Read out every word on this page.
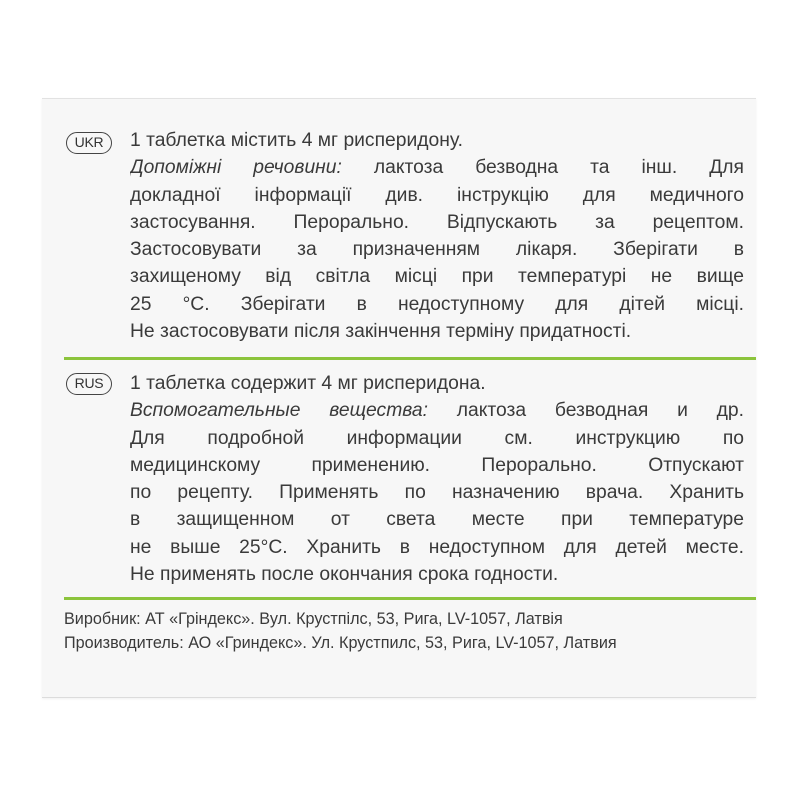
UKR	1 таблетка містить 4 мг рисперидону.
Допоміжні речовини: лактоза безводна та інш. Для
докладної інформації див. інструкцію для медичного
застосування. Перорально. Відпускають за рецептом.
Застосовувати за призначенням лікаря. Зберігати в
захищеному від світла місці при температурі не вище
25 °С. Зберігати в недоступному для дітей місці.
Не застосовувати після закінчення терміну придатності.
RUS	1 таблетка содержит 4 мг рисперидона.
Вспомогательные вещества: лактоза безводная и др.
Для подробной информации см. инструкцию по
медицинскому применению. Перорально. Отпускают
по рецепту. Применять по назначению врача. Хранить
в защищенном от света месте при температуре
не выше 25°С. Хранить в недоступном для детей месте.
Не применять после окончания срока годности.
Виробник: АТ «Гріндекс». Вул. Крустпілс, 53, Рига, LV-1057, Латвія
Производитель: АО «Гриндекс». Ул. Крустпилс, 53, Рига, LV-1057, Латвия
